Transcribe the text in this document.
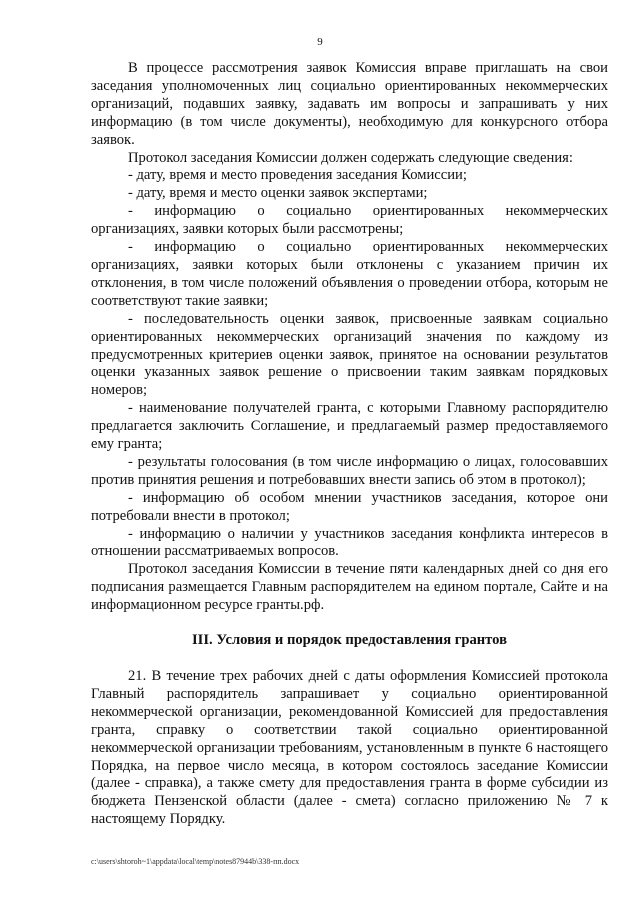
9

В процессе рассмотрения заявок Комиссия вправе приглашать на свои заседания уполномоченных лиц социально ориентированных некоммерческих организаций, подавших заявку, задавать им вопросы и запрашивать у них информацию (в том числе документы), необходимую для конкурсного отбора заявок.

Протокол заседания Комиссии должен содержать следующие сведения:

- дату, время и место проведения заседания Комиссии;

- дату, время и место оценки заявок экспертами;

- информацию о социально ориентированных некоммерческих организациях, заявки которых были рассмотрены;

- информацию о социально ориентированных некоммерческих организациях, заявки которых были отклонены с указанием причин их отклонения, в том числе положений объявления о проведении отбора, которым не соответствуют такие заявки;

- последовательность оценки заявок, присвоенные заявкам социально ориентированных некоммерческих организаций значения по каждому из предусмотренных критериев оценки заявок, принятое на основании результатов оценки указанных заявок решение о присвоении таким заявкам порядковых номеров;

- наименование получателей гранта, с которыми Главному распорядителю предлагается заключить Соглашение, и предлагаемый размер предоставляемого ему гранта;

- результаты голосования (в том числе информацию о лицах, голосовавших против принятия решения и потребовавших внести запись об этом в протокол);

- информацию об особом мнении участников заседания, которое они потребовали внести в протокол;

- информацию о наличии у участников заседания конфликта интересов в отношении рассматриваемых вопросов.

Протокол заседания Комиссии в течение пяти календарных дней со дня его подписания размещается Главным распорядителем на едином портале, Сайте и на информационном ресурсе гранты.рф.

III. Условия и порядок предоставления грантов

21. В течение трех рабочих дней с даты оформления Комиссией протокола Главный распорядитель запрашивает у социально ориентированной некоммерческой организации, рекомендованной Комиссией для предоставления гранта, справку о соответствии такой социально ориентированной некоммерческой организации требованиям, установленным в пункте 6 настоящего Порядка, на первое число месяца, в котором состоялось заседание Комиссии (далее - справка), а также смету для предоставления гранта в форме субсидии из бюджета Пензенской области (далее - смета) согласно приложению № 7 к настоящему Порядку.

c:\users\shtoroh~1\appdata\local\temp\notes87944b\338-пп.docx
